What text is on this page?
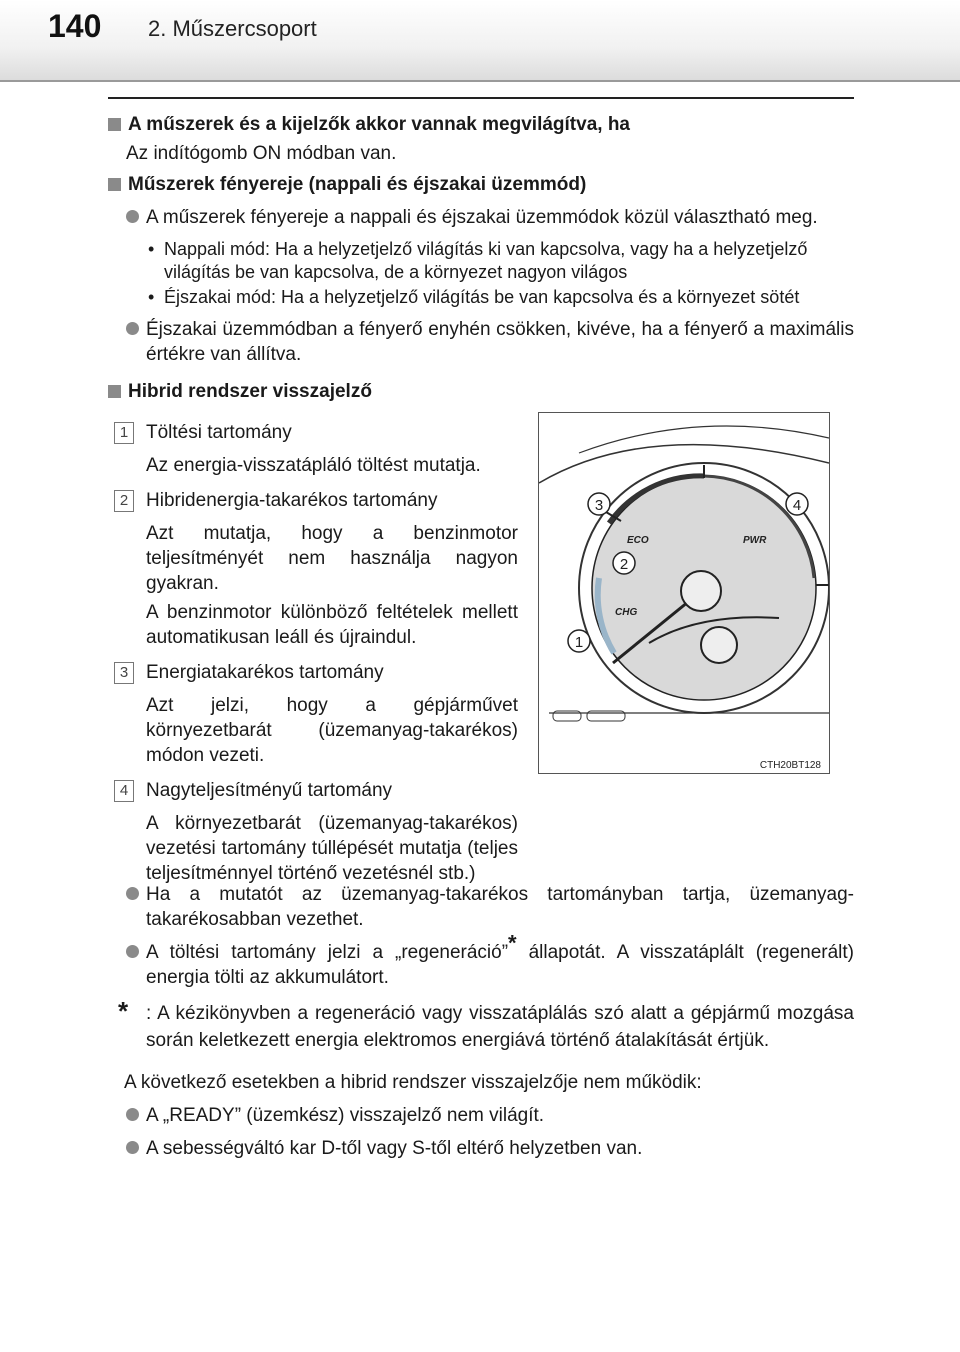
140 2. Műszercsoport
A műszerek és a kijelzők akkor vannak megvilágítva, ha
Az indítógomb ON módban van.
Műszerek fényereje (nappali és éjszakai üzemmód)
A műszerek fényereje a nappali és éjszakai üzemmódok közül választható meg.
• Nappali mód: Ha a helyzetjelző világítás ki van kapcsolva, vagy ha a helyzetjelző világítás be van kapcsolva, de a környezet nagyon világos
• Éjszakai mód: Ha a helyzetjelző világítás be van kapcsolva és a környezet sötét
Éjszakai üzemmódban a fényerő enyhén csökken, kivéve, ha a fényerő a maximális értékre van állítva.
Hibrid rendszer visszajelző
1 Töltési tartomány
Az energia-visszatápláló töltést mutatja.
2 Hibridenergia-takarékos tartomány
Azt mutatja, hogy a benzinmotor teljesítményét nem használja nagyon gyakran.
A benzinmotor különböző feltételek mellett automatikusan leáll és újraindul.
3 Energiatakarékos tartomány
Azt jelzi, hogy a gépjárművet környezetbarát (üzemanyag-takarékos) módon vezeti.
4 Nagyteljesítményű tartomány
A környezetbarát (üzemanyag-takarékos) vezetési tartomány túllépését mutatja (teljes teljesítménnyel történő vezetésnél stb.)
ECO	PWR
CHG
3	4
2
1
CTH20BT128
Ha a mutatót az üzemanyag-takarékos tartományban tartja, üzemanyag-takarékosabban vezethet.
A töltési tartomány jelzi a „regeneráció”* állapotát. A visszatáplált (regenerált) energia tölti az akkumulátort.
* : A kézikönyvben a regeneráció vagy visszatáplálás szó alatt a gépjármű mozgása során keletkezett energia elektromos energiává történő átalakítását értjük.
A következő esetekben a hibrid rendszer visszajelzője nem működik:
A „READY” (üzemkész) visszajelző nem világít.
A sebességváltó kar D-től vagy S-től eltérő helyzetben van.
